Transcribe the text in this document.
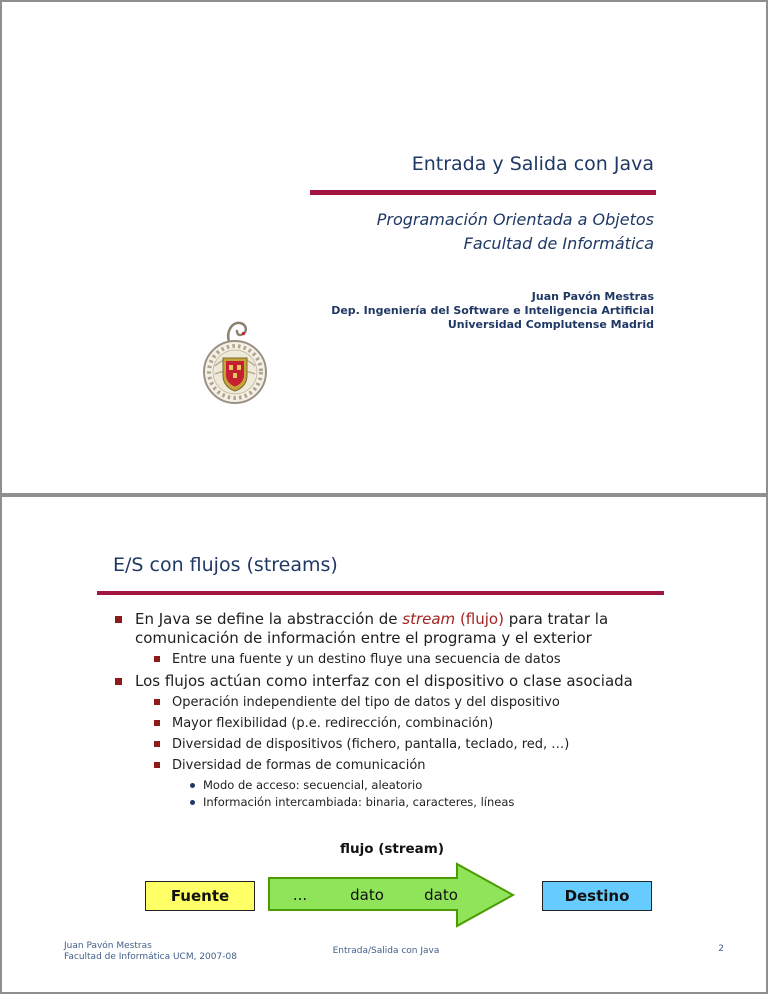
Entrada y Salida con Java
Programación Orientada a Objetos
Facultad de Informática
Juan Pavón Mestras
Dep. Ingeniería del Software e Inteligencia Artificial
Universidad Complutense Madrid
E/S con flujos (streams)
En Java se define la abstracción de stream (flujo) para tratar la comunicación de información entre el programa y el exterior
Entre una fuente y un destino fluye una secuencia de datos
Los flujos actúan como interfaz con el dispositivo o clase asociada
Operación independiente del tipo de datos y del dispositivo
Mayor flexibilidad (p.e. redirección, combinación)
Diversidad de dispositivos (fichero, pantalla, teclado, red, …)
Diversidad de formas de comunicación
Modo de acceso: secuencial, aleatorio
Información intercambiada: binaria, caracteres, líneas
flujo (stream)
Fuente	...	dato	dato	Destino
Juan Pavón Mestras
Facultad de Informática UCM, 2007-08
Entrada/Salida con Java	2
